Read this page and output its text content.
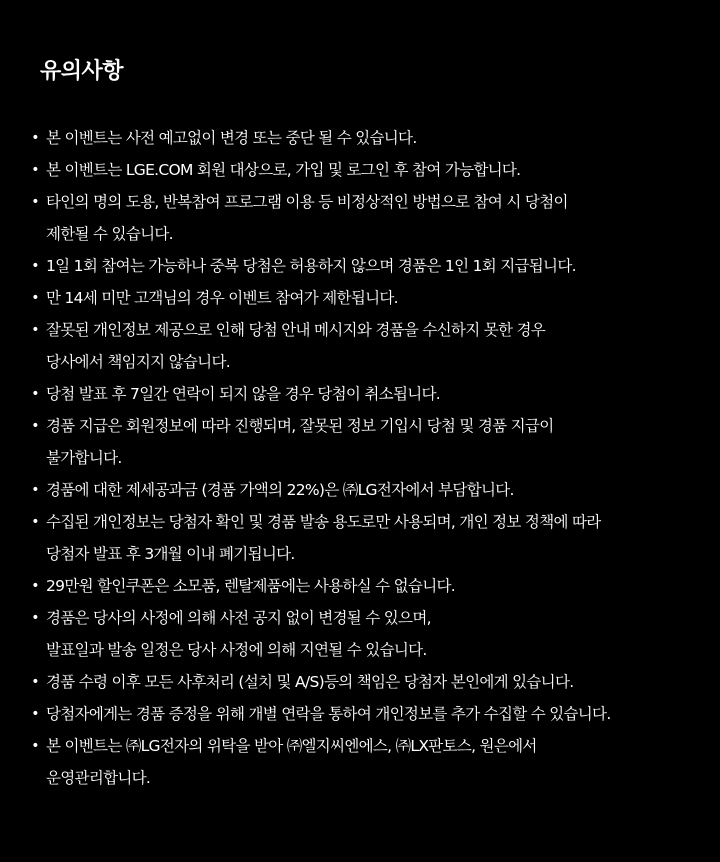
유의사항
• 본 이벤트는 사전 예고없이 변경 또는 중단 될 수 있습니다.
• 본 이벤트는 LGE.COM 회원 대상으로, 가입 및 로그인 후 참여 가능합니다.
• 타인의 명의 도용, 반복참여 프로그램 이용 등 비정상적인 방법으로 참여 시 당첨이
제한될 수 있습니다.
• 1일 1회 참여는 가능하나 중복 당첨은 허용하지 않으며 경품은 1인 1회 지급됩니다.
• 만 14세 미만 고객님의 경우 이벤트 참여가 제한됩니다.
• 잘못된 개인정보 제공으로 인해 당첨 안내 메시지와 경품을 수신하지 못한 경우
당사에서 책임지지 않습니다.
• 당첨 발표 후 7일간 연락이 되지 않을 경우 당첨이 취소됩니다.
• 경품 지급은 회원정보에 따라 진행되며, 잘못된 정보 기입시 당첨 및 경품 지급이
불가합니다.
• 경품에 대한 제세공과금 (경품 가액의 22%)은 ㈜LG전자에서 부담합니다.
• 수집된 개인정보는 당첨자 확인 및 경품 발송 용도로만 사용되며, 개인 정보 정책에 따라
당첨자 발표 후 3개월 이내 폐기됩니다.
• 29만원 할인쿠폰은 소모품, 렌탈제품에는 사용하실 수 없습니다.
• 경품은 당사의 사정에 의해 사전 공지 없이 변경될 수 있으며,
발표일과 발송 일정은 당사 사정에 의해 지연될 수 있습니다.
• 경품 수령 이후 모든 사후처리 (설치 및 A/S)등의 책임은 당첨자 본인에게 있습니다.
• 당첨자에게는 경품 증정을 위해 개별 연락을 통하여 개인정보를 추가 수집할 수 있습니다.
• 본 이벤트는 ㈜LG전자의 위탁을 받아 ㈜엘지씨엔에스, ㈜LX판토스, 원은에서
운영관리합니다.
